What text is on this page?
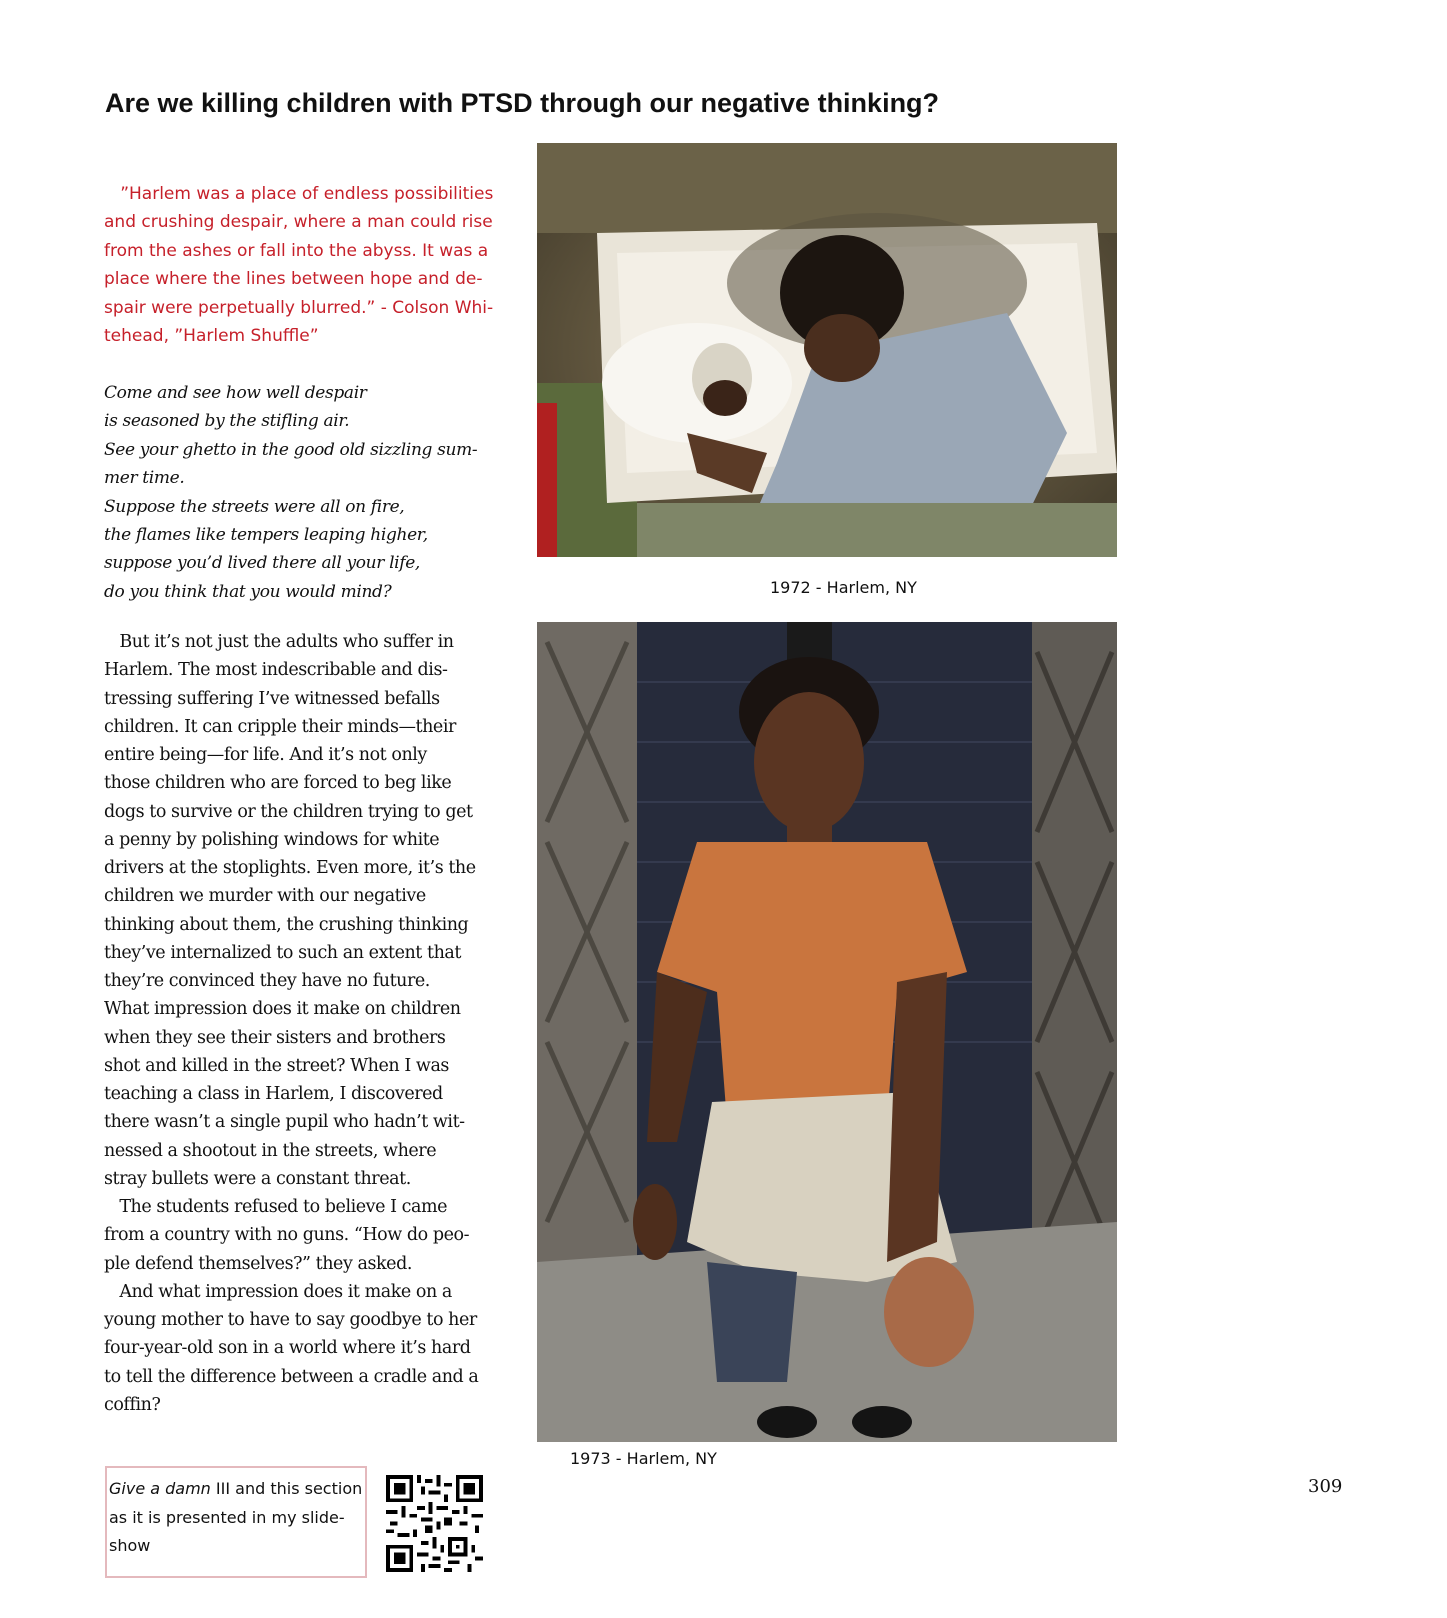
Are we killing children with PTSD through our negative thinking?
”Harlem was a place of endless possibilities
and crushing despair, where a man could rise
from the ashes or fall into the abyss. It was a
place where the lines between hope and de-
spair were perpetually blurred.” - Colson Whi-
tehead, ”Harlem Shuffle”
Come and see how well despair
is seasoned by the stifling air.
See your ghetto in the good old sizzling sum-
mer time.
Suppose the streets were all on fire,
the flames like tempers leaping higher,
suppose you’d lived there all your life,
do you think that you would mind?
But it’s not just the adults who suffer in
Harlem. The most indescribable and dis-
tressing suffering I’ve witnessed befalls
children. It can cripple their minds—their
entire being—for life. And it’s not only
those children who are forced to beg like
dogs to survive or the children trying to get
a penny by polishing windows for white
drivers at the stoplights. Even more, it’s the
children we murder with our negative
thinking about them, the crushing thinking
they’ve internalized to such an extent that
they’re convinced they have no future.
What impression does it make on children
when they see their sisters and brothers
shot and killed in the street? When I was
teaching a class in Harlem, I discovered
there wasn’t a single pupil who hadn’t wit-
nessed a shootout in the streets, where
stray bullets were a constant threat.
The students refused to believe I came
from a country with no guns. “How do peo-
ple defend themselves?” they asked.
And what impression does it make on a
young mother to have to say goodbye to her
four-year-old son in a world where it’s hard
to tell the difference between a cradle and a
coffin?

1972 - Harlem, NY

1973 - Harlem, NY

Give a damn III and this section
as it is presented in my slide-
show

309
